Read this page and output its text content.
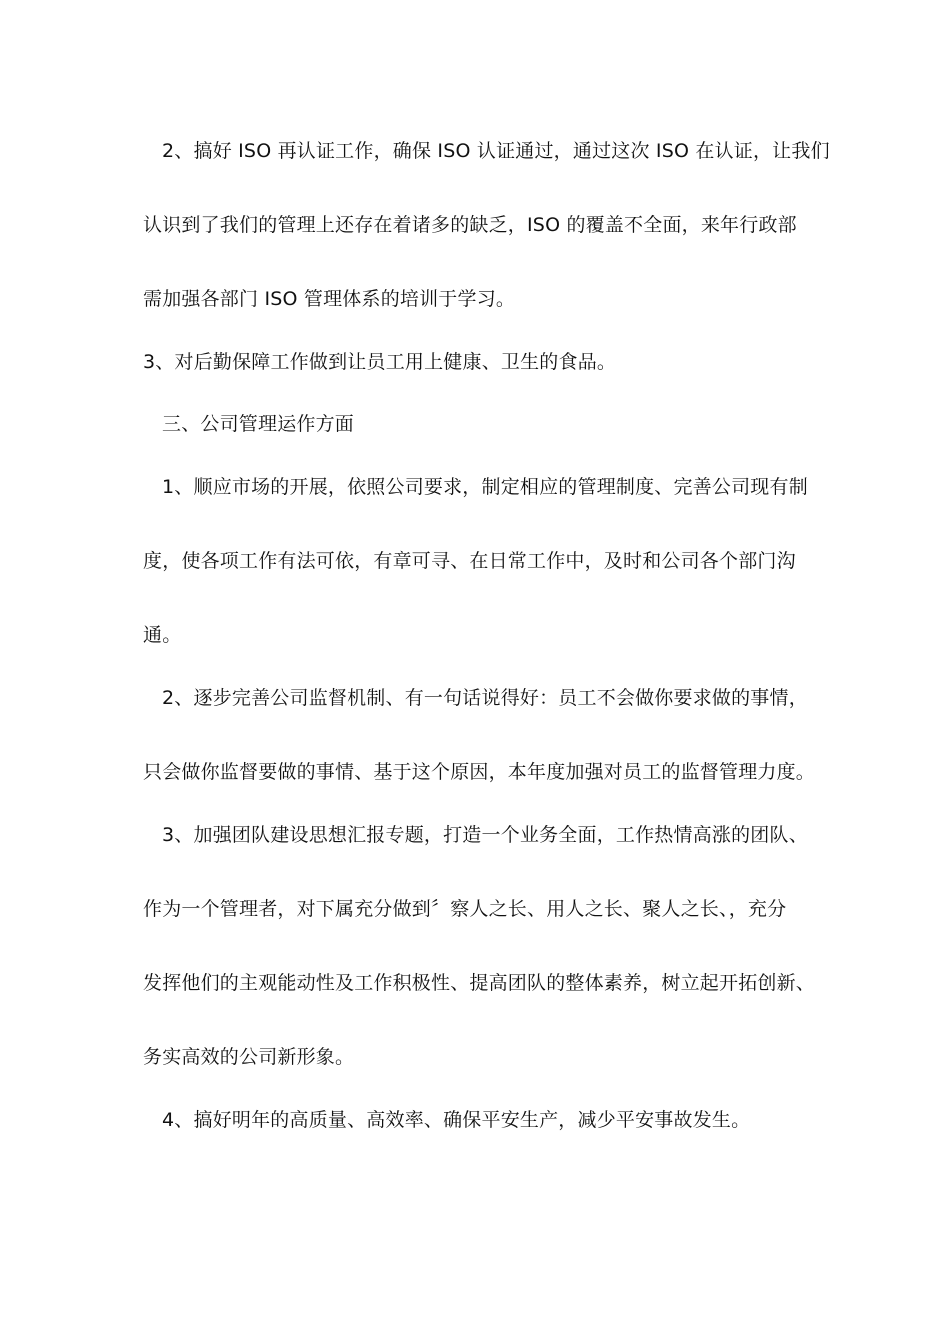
2、搞好 ISO 再认证工作，确保 ISO 认证通过，通过这次 ISO 在认证，让我们
认识到了我们的管理上还存在着诸多的缺乏，ISO 的覆盖不全面，来年行政部
需加强各部门 ISO 管理体系的培训于学习。
3、对后勤保障工作做到让员工用上健康、卫生的食品。
三、公司管理运作方面
1、顺应市场的开展，依照公司要求，制定相应的管理制度、完善公司现有制
度，使各项工作有法可依，有章可寻、在日常工作中，及时和公司各个部门沟
通。
2、逐步完善公司监督机制、有一句话说得好：员工不会做你要求做的事情，
只会做你监督要做的事情、基于这个原因，本年度加强对员工的监督管理力度。
3、加强团队建设思想汇报专题，打造一个业务全面，工作热情高涨的团队、
作为一个管理者，对下属充分做到〞察人之长、用人之长、聚人之长、，充分
发挥他们的主观能动性及工作积极性、提高团队的整体素养，树立起开拓创新、
务实高效的公司新形象。
4、搞好明年的高质量、高效率、确保平安生产，减少平安事故发生。
